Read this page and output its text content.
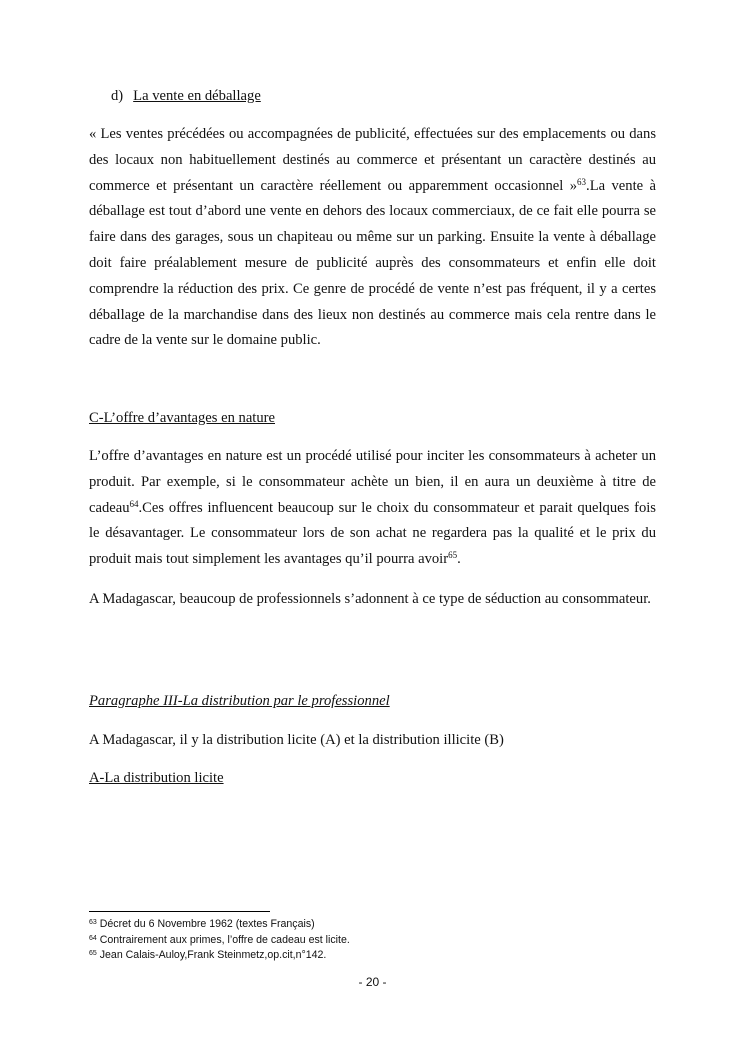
d) La vente en déballage
« Les ventes précédées ou accompagnées de publicité, effectuées sur des emplacements ou dans des locaux non habituellement destinés au commerce et présentant un caractère destinés au commerce et présentant un caractère réellement ou apparemment occasionnel »$^{63}$.La vente à déballage est tout d’abord une vente en dehors des locaux commerciaux, de ce fait elle pourra se faire dans des garages, sous un chapiteau ou même sur un parking. Ensuite la vente à déballage doit faire préalablement mesure de publicité auprès des consommateurs et enfin elle doit comprendre la réduction des prix. Ce genre de procédé de vente n’est pas fréquent, il y a certes déballage de la marchandise dans des lieux non destinés au commerce mais cela rentre dans le cadre de la vente sur le domaine public.
C-L’offre d’avantages en nature
L’offre d’avantages en nature est un procédé utilisé pour inciter les consommateurs à acheter un produit. Par exemple, si le consommateur achète un bien, il en aura un deuxième à titre de cadeau$^{64}$.Ces offres influencent beaucoup sur le choix du consommateur et parait quelques fois le désavantager. Le consommateur lors de son achat ne regardera pas la qualité et le prix du produit mais tout simplement les avantages qu’il pourra avoir$^{65}$.
A Madagascar, beaucoup de professionnels s’adonnent à ce type de séduction au consommateur.
Paragraphe III-La distribution par le professionnel
A Madagascar, il y la distribution licite (A) et la distribution illicite (B)
A-La distribution licite
$^{63}$ Décret du 6 Novembre 1962 (textes Français)
$^{64}$ Contrairement aux primes, l’offre de cadeau est licite.
$^{65}$ Jean Calais-Auloy,Frank Steinmetz,op.cit,n°142.
- 20 -
